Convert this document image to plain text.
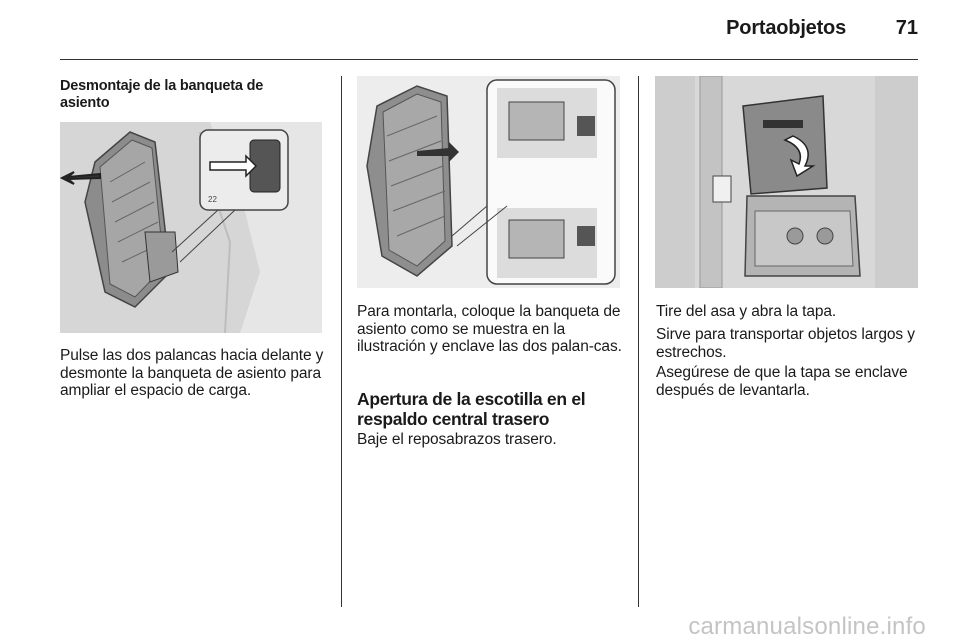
Portaobjetos	71
Desmontaje de la banqueta de asiento
22
Pulse las dos palancas hacia delante y desmonte la banqueta de asiento para ampliar el espacio de carga.
Para montarla, coloque la banqueta de asiento como se muestra en la ilustración y enclave las dos palan-cas.
Apertura de la escotilla en el respaldo central trasero
Baje el reposabrazos trasero.
Tire del asa y abra la tapa.
Sirve para transportar objetos largos y estrechos.
Asegúrese de que la tapa se enclave después de levantarla.
carmanualsonline.info
